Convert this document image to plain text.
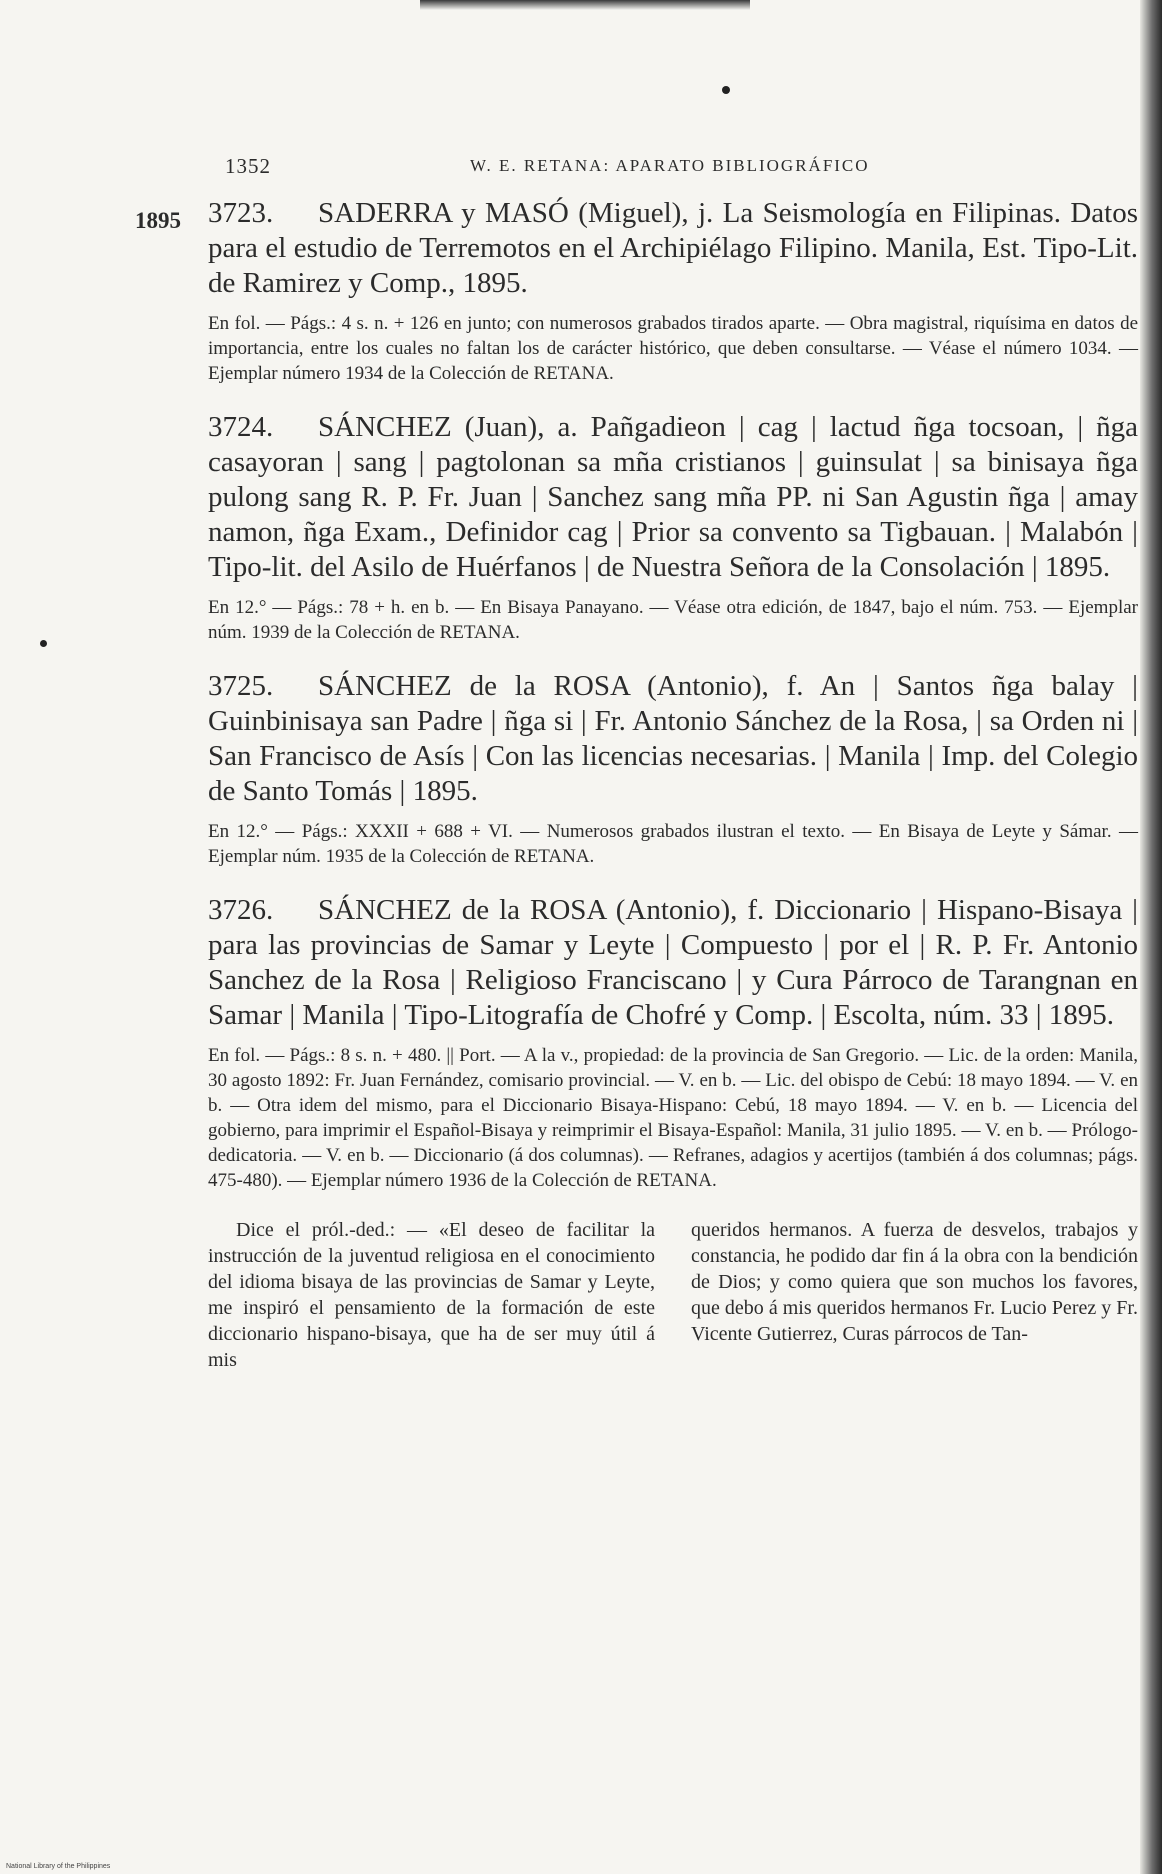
1352	W. E. RETANA: APARATO BIBLIOGRÁFICO
1895 3723. SADERRA y MASÓ (Miguel), j. La Seismología en Filipinas. Datos para el estudio de Terremotos en el Archipiélago Filipino. Manila, Est. Tipo-Lit. de Ramirez y Comp., 1895.

En fol. — Págs.: 4 s. n. + 126 en junto; con numerosos grabados tirados aparte. — Obra magistral, riquísima en datos de importancia, entre los cuales no faltan los de carácter histórico, que deben consultarse. — Véase el número 1034. — Ejemplar número 1934 de la Colección de RETANA.

3724. SÁNCHEZ (Juan), a. Pañgadieon | cag | lactud ñga tocsoan, | ñga casayoran | sang | pagtolonan sa mña cristianos | guinsulat | sa binisaya ñga pulong sang R. P. Fr. Juan | Sanchez sang mña PP. ni San Agustin ñga | amay namon, ñga Exam., Definidor cag | Prior sa convento sa Tigbauan. | Malabón | Tipo-lit. del Asilo de Huérfanos | de Nuestra Señora de la Consolación | 1895.

En 12.° — Págs.: 78 + h. en b. — En Bisaya Panayano. — Véase otra edición, de 1847, bajo el núm. 753. — Ejemplar núm. 1939 de la Colección de RETANA.

3725. SÁNCHEZ de la ROSA (Antonio), f. An | Santos ñga balay | Guinbinisaya san Padre | ñga si | Fr. Antonio Sánchez de la Rosa, | sa Orden ni | San Francisco de Asís | Con las licencias necesarias. | Manila | Imp. del Colegio de Santo Tomás | 1895.

En 12.° — Págs.: XXXII + 688 + VI. — Numerosos grabados ilustran el texto. — En Bisaya de Leyte y Sámar. — Ejemplar núm. 1935 de la Colección de RETANA.

3726. SÁNCHEZ de la ROSA (Antonio), f. Diccionario | Hispano-Bisaya | para las provincias de Samar y Leyte | Compuesto | por el | R. P. Fr. Antonio Sanchez de la Rosa | Religioso Franciscano | y Cura Párroco de Tarangnan en Samar | Manila | Tipo-Litografía de Chofré y Comp. | Escolta, núm. 33 | 1895.

En fol. — Págs.: 8 s. n. + 480. || Port. — A la v., propiedad: de la provincia de San Gregorio. — Lic. de la orden: Manila, 30 agosto 1892: Fr. Juan Fernández, comisario provincial. — V. en b. — Lic. del obispo de Cebú: 18 mayo 1894. — V. en b. — Otra idem del mismo, para el Diccionario Bisaya-Hispano: Cebú, 18 mayo 1894. — V. en b. — Licencia del gobierno, para imprimir el Español-Bisaya y reimprimir el Bisaya-Español: Manila, 31 julio 1895. — V. en b. — Prólogo-dedicatoria. — V. en b. — Diccionario (á dos columnas). — Refranes, adagios y acertijos (también á dos columnas; págs. 475-480). — Ejemplar número 1936 de la Colección de RETANA.

Dice el pról.-ded.: — «El deseo de facilitar la instrucción de la juventud religiosa en el conocimiento del idioma bisaya de las provincias de Samar y Leyte, me inspiró el pensamiento de la formación de este diccionario hispano-bisaya, que ha de ser muy útil á mis

queridos hermanos. A fuerza de desvelos, trabajos y constancia, he podido dar fin á la obra con la bendición de Dios; y como quiera que son muchos los favores, que debo á mis queridos hermanos Fr. Lucio Perez y Fr. Vicente Gutierrez, Curas párrocos de Tan-

National Library of the Philippines
